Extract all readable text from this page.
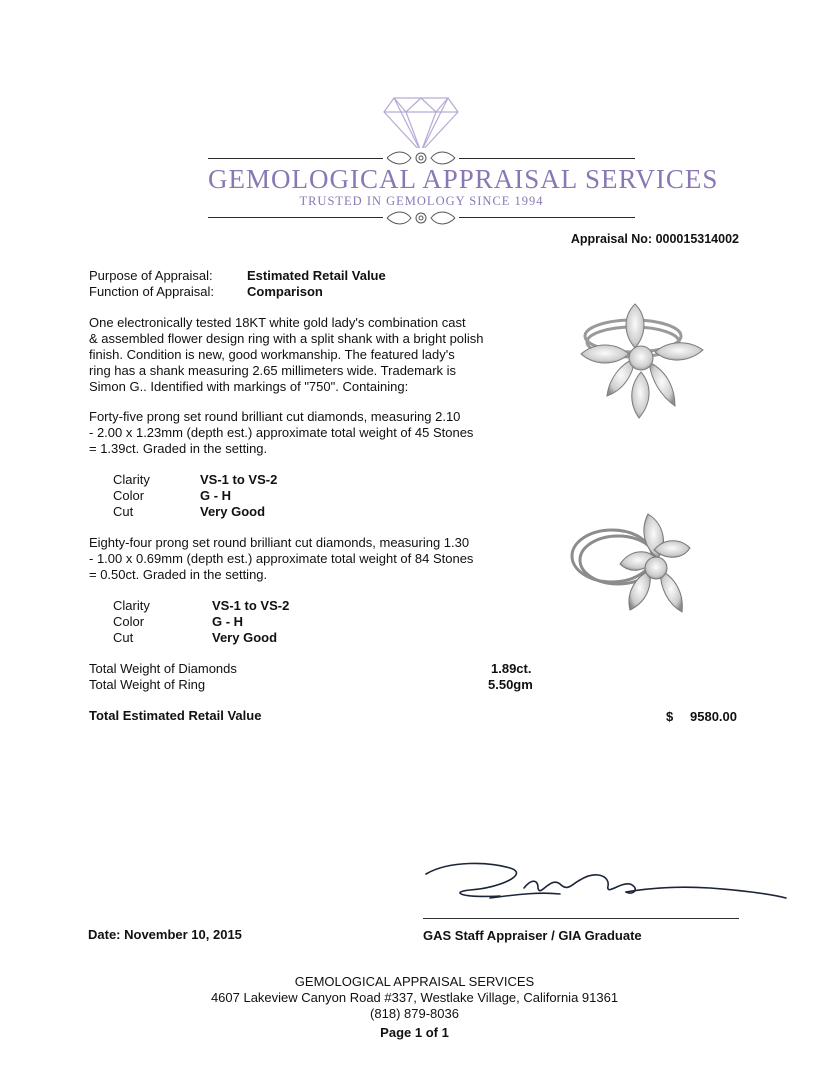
GEMOLOGICAL APPRAISAL SERVICES
TRUSTED IN GEMOLOGY SINCE 1994
Appraisal No: 000015314002
Purpose of Appraisal:	Estimated Retail Value
Function of Appraisal:	Comparison
One electronically tested 18KT white gold lady's combination cast
& assembled flower design ring with a split shank with a bright polish
finish. Condition is new, good workmanship. The featured lady's
ring has a shank measuring 2.65 millimeters wide. Trademark is
Simon G.. Identified with markings of "750". Containing:
Forty-five prong set round brilliant cut diamonds, measuring 2.10
- 2.00 x 1.23mm (depth est.) approximate total weight of 45 Stones
= 1.39ct. Graded in the setting.
Clarity	VS-1 to VS-2
Color	G - H
Cut	Very Good
Eighty-four prong set round brilliant cut diamonds, measuring 1.30
- 1.00 x 0.69mm (depth est.) approximate total weight of 84 Stones
= 0.50ct. Graded in the setting.
Clarity	VS-1 to VS-2
Color	G - H
Cut	Very Good
Total Weight of Diamonds	1.89ct.
Total Weight of Ring	5.50gm
Total Estimated Retail Value	$ 9580.00
Date: November 10, 2015	GAS Staff Appraiser / GIA Graduate
GEMOLOGICAL APPRAISAL SERVICES
4607 Lakeview Canyon Road #337, Westlake Village, California 91361
(818) 879-8036
Page 1 of 1
